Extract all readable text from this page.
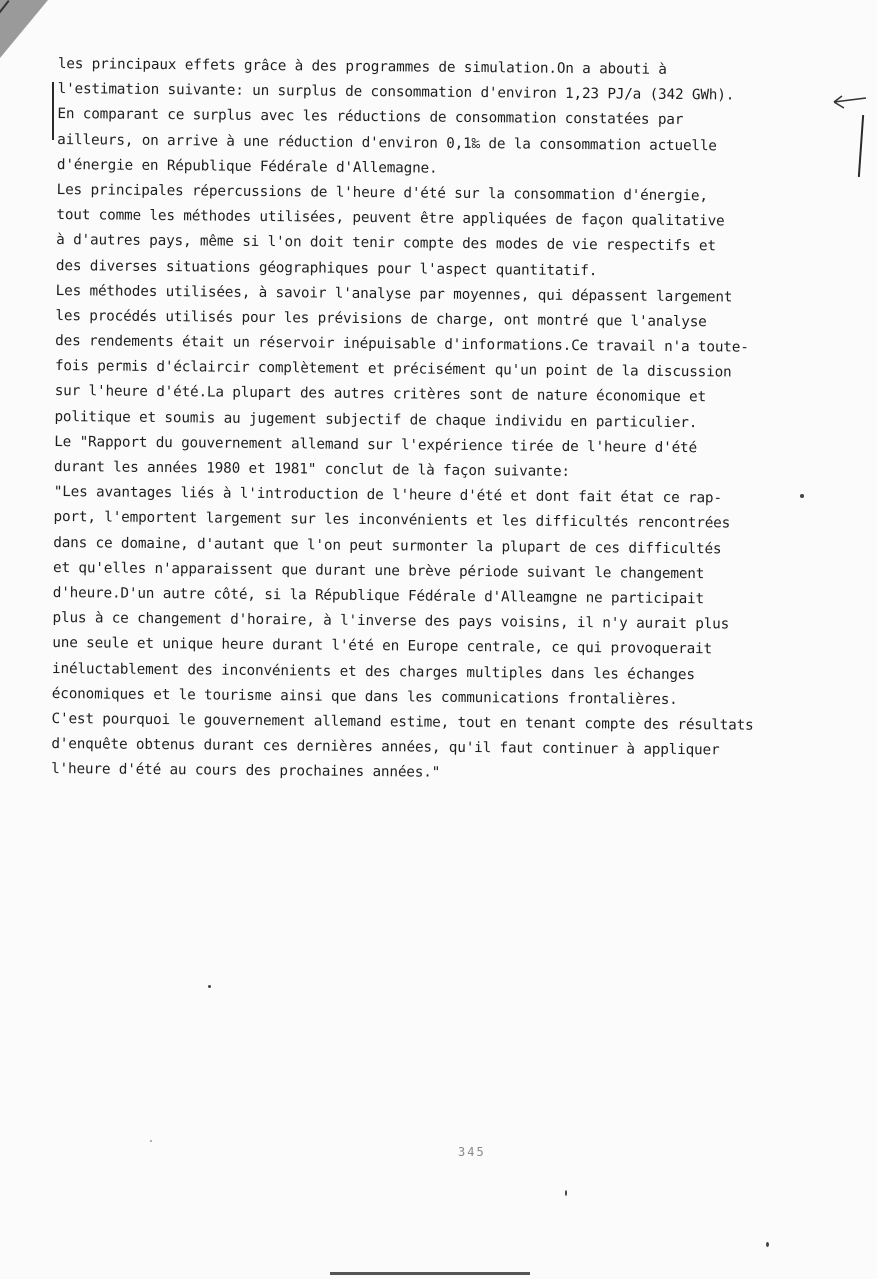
les principaux effets grâce à des programmes de simulation.On a abouti à
l'estimation suivante: un surplus de consommation d'environ 1,23 PJ/a (342 GWh).
En comparant ce surplus avec les réductions de consommation constatées par
ailleurs, on arrive à une réduction d'environ 0,1‰ de la consommation actuelle
d'énergie en République Fédérale d'Allemagne.
Les principales répercussions de l'heure d'été sur la consommation d'énergie,
tout comme les méthodes utilisées, peuvent être appliquées de façon qualitative
à d'autres pays, même si l'on doit tenir compte des modes de vie respectifs et
des diverses situations géographiques pour l'aspect quantitatif.
Les méthodes utilisées, à savoir l'analyse par moyennes, qui dépassent largement
les procédés utilisés pour les prévisions de charge, ont montré que l'analyse
des rendements était un réservoir inépuisable d'informations.Ce travail n'a toute-
fois permis d'éclaircir complètement et précisément qu'un point de la discussion
sur l'heure d'été.La plupart des autres critères sont de nature économique et
politique et soumis au jugement subjectif de chaque individu en particulier.
Le "Rapport du gouvernement allemand sur l'expérience tirée de l'heure d'été
durant les années 1980 et 1981" conclut de là façon suivante:
"Les avantages liés à l'introduction de l'heure d'été et dont fait état ce rap-
port, l'emportent largement sur les inconvénients et les difficultés rencontrées
dans ce domaine, d'autant que l'on peut surmonter la plupart de ces difficultés
et qu'elles n'apparaissent que durant une brève période suivant le changement
d'heure.D'un autre côté, si la République Fédérale d'Alleamgne ne participait
plus à ce changement d'horaire, à l'inverse des pays voisins, il n'y aurait plus
une seule et unique heure durant l'été en Europe centrale, ce qui provoquerait
inéluctablement des inconvénients et des charges multiples dans les échanges
économiques et le tourisme ainsi que dans les communications frontalières.
C'est pourquoi le gouvernement allemand estime, tout en tenant compte des résultats
d'enquête obtenus durant ces dernières années, qu'il faut continuer à appliquer
l'heure d'été au cours des prochaines années."
345
